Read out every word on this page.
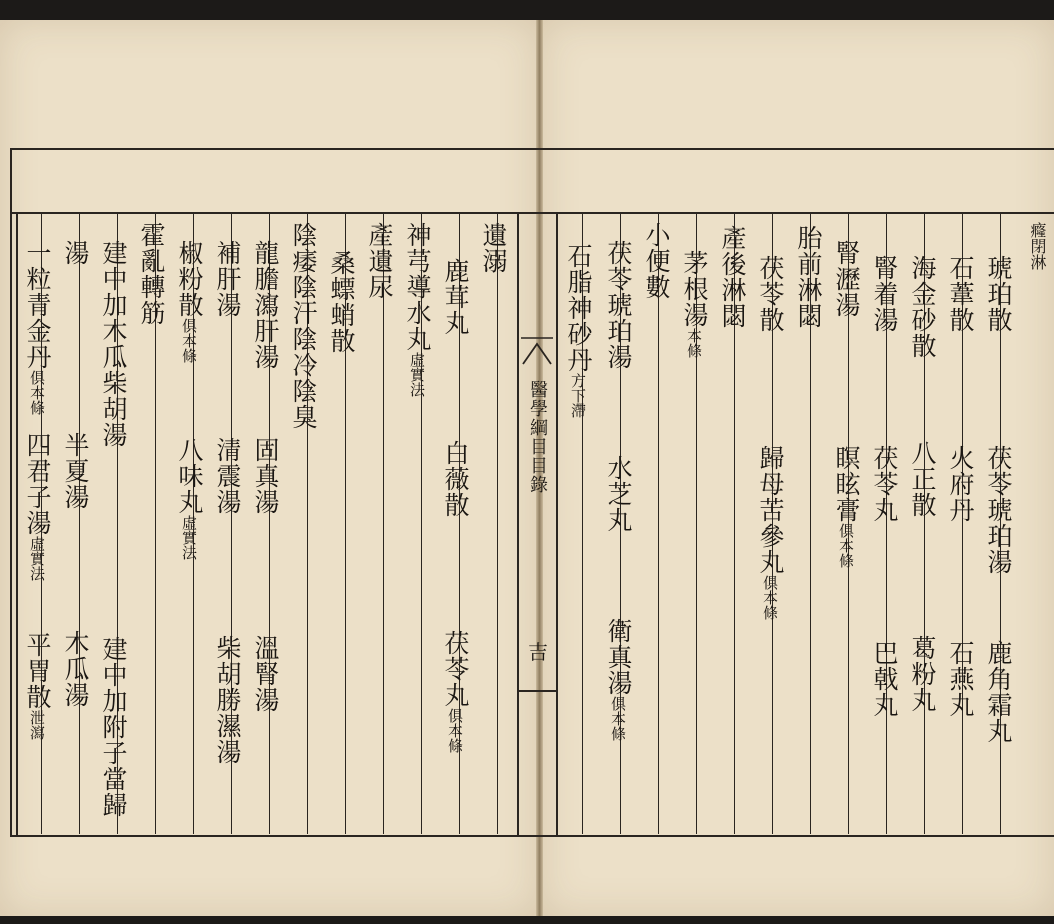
醫學綱目目錄
吉
癃閉淋
琥珀散
茯苓琥珀湯
鹿角霜丸
石葦散
火府丹
石燕丸
海金砂散
八正散
葛粉丸
腎着湯
茯苓丸
巴戟丸
腎瀝湯
瞑眩膏俱本條
胎前淋閟
茯苓散
歸母苦參丸俱本條
產後淋閟
茅根湯本條
小便數
茯苓琥珀湯
水芝丸
衛真湯俱本條
石脂神砂丹方下滯
遺溺
鹿茸丸
白薇散
茯苓丸俱本條
神芎導水丸虛實法
產遺尿
桑螵蛸散
陰痿陰汗陰冷陰臭
龍膽瀉肝湯
固真湯
溫腎湯
補肝湯
清震湯
柴胡勝濕湯
椒粉散俱本條
八味丸虛實法
霍亂轉筋
建中加木瓜柴胡湯
建中加附子當歸
湯
半夏湯
木瓜湯
一粒青金丹俱本條
四君子湯虛實法
平胃散泄瀉
